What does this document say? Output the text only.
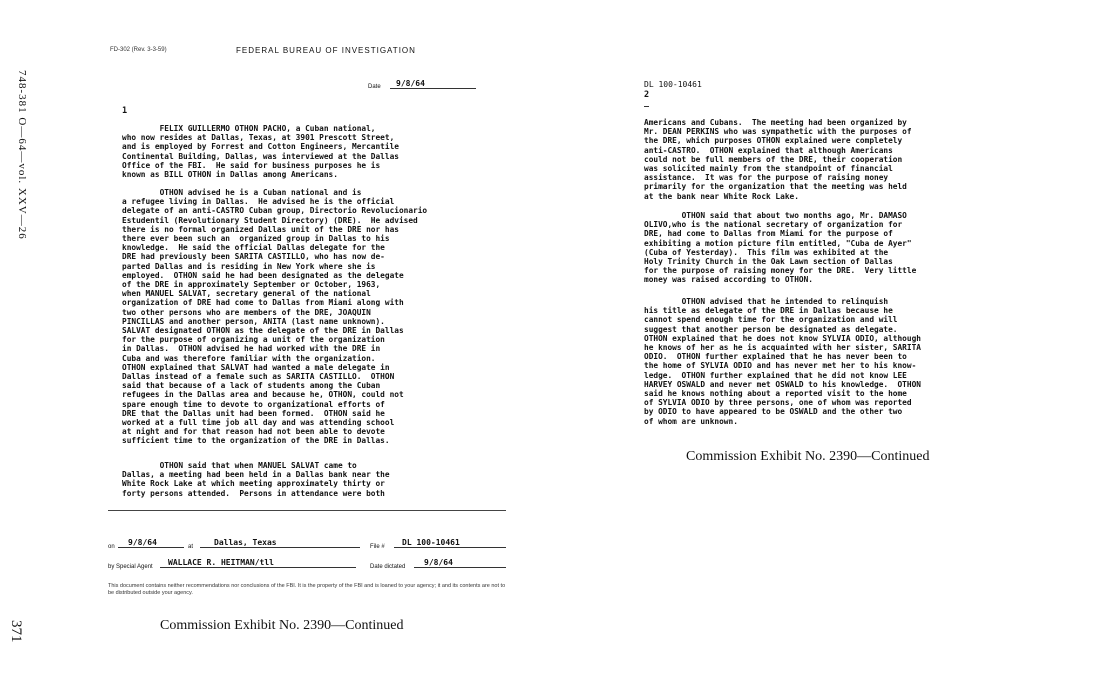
748-381 O—64—vol. XXV—26
371
FD-302 (Rev. 3-3-59)	FEDERAL BUREAU OF INVESTIGATION
Date	9/8/64
1
FELIX GUILLERMO OTHON PACHO, a Cuban national,
who now resides at Dallas, Texas, at 3901 Prescott Street,
and is employed by Forrest and Cotton Engineers, Mercantile
Continental Building, Dallas, was interviewed at the Dallas
Office of the FBI.  He said for business purposes he is
known as BILL OTHON in Dallas among Americans.
OTHON advised he is a Cuban national and is
a refugee living in Dallas.  He advised he is the official
delegate of an anti-CASTRO Cuban group, Directorio Revolucionario
Estudentil (Revolutionary Student Directory) (DRE).  He advised
there is no formal organized Dallas unit of the DRE nor has
there ever been such an  organized group in Dallas to his
knowledge.  He said the official Dallas delegate for the
DRE had previously been SARITA CASTILLO, who has now de-
parted Dallas and is residing in New York where she is
employed.  OTHON said he had been designated as the delegate
of the DRE in approximately September or October, 1963,
when MANUEL SALVAT, secretary general of the national
organization of DRE had come to Dallas from Miami along with
two other persons who are members of the DRE, JOAQUIN
PINCILLAS and another person, ANITA (last name unknown).
SALVAT designated OTHON as the delegate of the DRE in Dallas
for the purpose of organizing a unit of the organization
in Dallas.  OTHON advised he had worked with the DRE in
Cuba and was therefore familiar with the organization.
OTHON explained that SALVAT had wanted a male delegate in
Dallas instead of a female such as SARITA CASTILLO.  OTHON
said that because of a lack of students among the Cuban
refugees in the Dallas area and because he, OTHON, could not
spare enough time to devote to organizational efforts of
DRE that the Dallas unit had been formed.  OTHON said he
worked at a full time job all day and was attending school
at night and for that reason had not been able to devote
sufficient time to the organization of the DRE in Dallas.
OTHON said that when MANUEL SALVAT came to
Dallas, a meeting had been held in a Dallas bank near the
White Rock Lake at which meeting approximately thirty or
forty persons attended.  Persons in attendance were both
on	9/8/64	at	Dallas, Texas	File #	DL 100-10461
by Special Agent	WALLACE R. HEITMAN/tll	Date dictated	9/8/64
This document contains neither recommendations nor conclusions of the FBI. It is the property of the FBI and is loaned to your agency; it and its contents are not to be distributed outside your agency.
Commission Exhibit No. 2390—Continued
DL 100-10461
2
Americans and Cubans.  The meeting had been organized by
Mr. DEAN PERKINS who was sympathetic with the purposes of
the DRE, which purposes OTHON explained were completely
anti-CASTRO.  OTHON explained that although Americans
could not be full members of the DRE, their cooperation
was solicited mainly from the standpoint of financial
assistance.  It was for the purpose of raising money
primarily for the organization that the meeting was held
at the bank near White Rock Lake.
OTHON said that about two months ago, Mr. DAMASO
OLIVO,who is the national secretary of organization for
DRE, had come to Dallas from Miami for the purpose of
exhibiting a motion picture film entitled, "Cuba de Ayer"
(Cuba of Yesterday).  This film was exhibited at the
Holy Trinity Church in the Oak Lawn section of Dallas
for the purpose of raising money for the DRE.  Very little
money was raised according to OTHON.
OTHON advised that he intended to relinquish
his title as delegate of the DRE in Dallas because he
cannot spend enough time for the organization and will
suggest that another person be designated as delegate.
OTHON explained that he does not know SYLVIA ODIO, although
he knows of her as he is acquainted with her sister, SARITA
ODIO.  OTHON further explained that he has never been to
the home of SYLVIA ODIO and has never met her to his know-
ledge.  OTHON further explained that he did not know LEE
HARVEY OSWALD and never met OSWALD to his knowledge.  OTHON
said he knows nothing about a reported visit to the home
of SYLVIA ODIO by three persons, one of whom was reported
by ODIO to have appeared to be OSWALD and the other two
of whom are unknown.
Commission Exhibit No. 2390—Continued
